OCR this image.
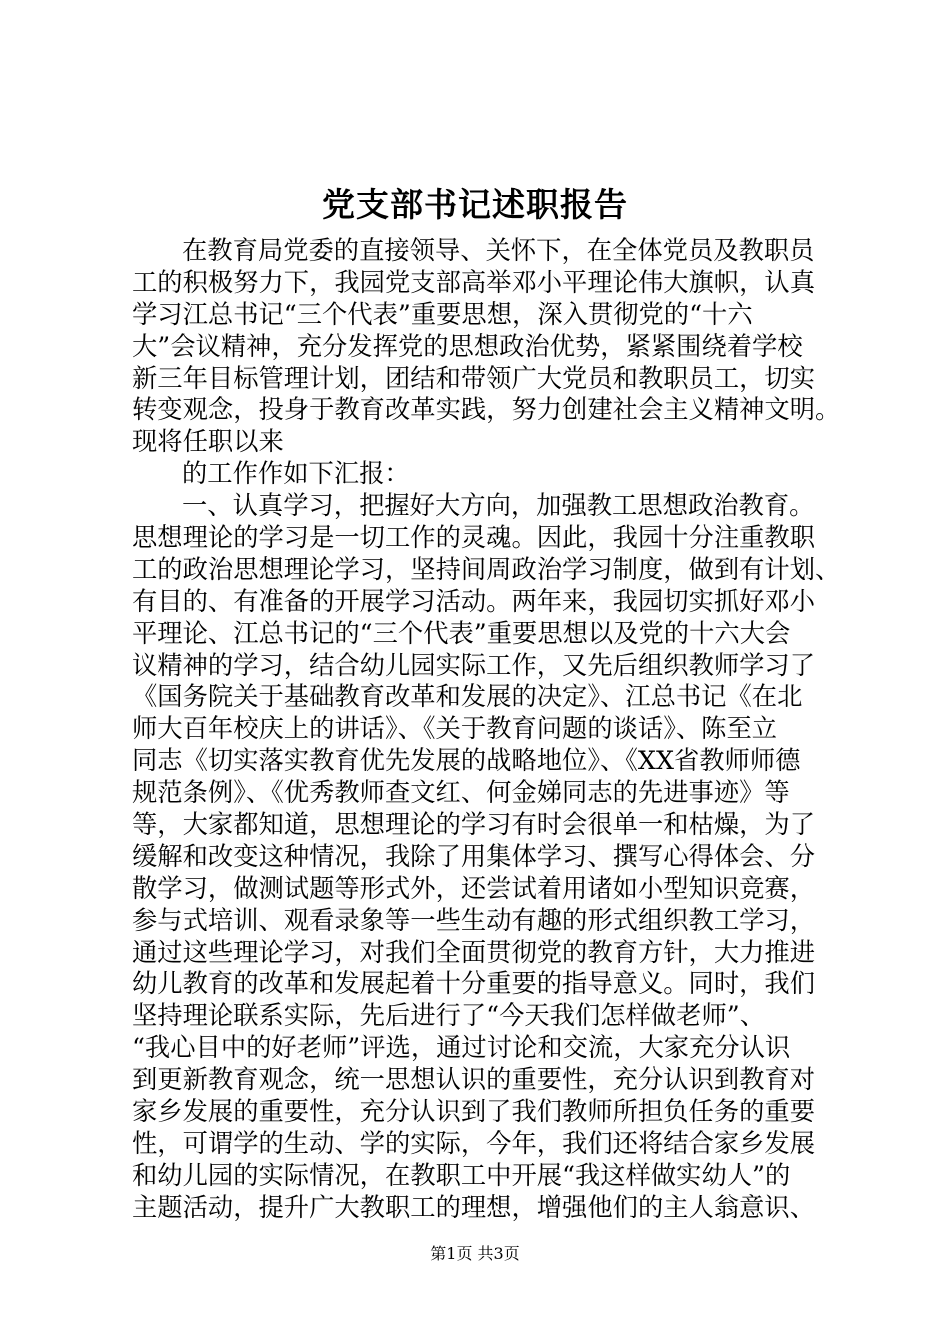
党支部书记述职报告
在教育局党委的直接领导、关怀下，在全体党员及教职员
工的积极努力下，我园党支部高举邓小平理论伟大旗帜，认真
学习江总书记“三个代表”重要思想，深入贯彻党的“十六
大”会议精神，充分发挥党的思想政治优势，紧紧围绕着学校
新三年目标管理计划，团结和带领广大党员和教职员工，切实
转变观念，投身于教育改革实践，努力创建社会主义精神文明。
现将任职以来
的工作作如下汇报：
一、认真学习，把握好大方向，加强教工思想政治教育。
思想理论的学习是一切工作的灵魂。因此，我园十分注重教职
工的政治思想理论学习，坚持间周政治学习制度，做到有计划、
有目的、有准备的开展学习活动。两年来，我园切实抓好邓小
平理论、江总书记的“三个代表”重要思想以及党的十六大会
议精神的学习，结合幼儿园实际工作，又先后组织教师学习了
《国务院关于基础教育改革和发展的决定》、江总书记《在北
师大百年校庆上的讲话》、《关于教育问题的谈话》、陈至立
同志《切实落实教育优先发展的战略地位》、《XX省教师师德
规范条例》、《优秀教师查文红、何金娣同志的先进事迹》等
等，大家都知道，思想理论的学习有时会很单一和枯燥，为了
缓解和改变这种情况，我除了用集体学习、撰写心得体会、分
散学习，做测试题等形式外，还尝试着用诸如小型知识竞赛，
参与式培训、观看录象等一些生动有趣的形式组织教工学习，
通过这些理论学习，对我们全面贯彻党的教育方针，大力推进
幼儿教育的改革和发展起着十分重要的指导意义。同时，我们
坚持理论联系实际，先后进行了“今天我们怎样做老师”、
“我心目中的好老师”评选，通过讨论和交流，大家充分认识
到更新教育观念，统一思想认识的重要性，充分认识到教育对
家乡发展的重要性，充分认识到了我们教师所担负任务的重要
性，可谓学的生动、学的实际，今年，我们还将结合家乡发展
和幼儿园的实际情况，在教职工中开展“我这样做实幼人”的
主题活动，提升广大教职工的理想，增强他们的主人翁意识、
第1页 共3页
